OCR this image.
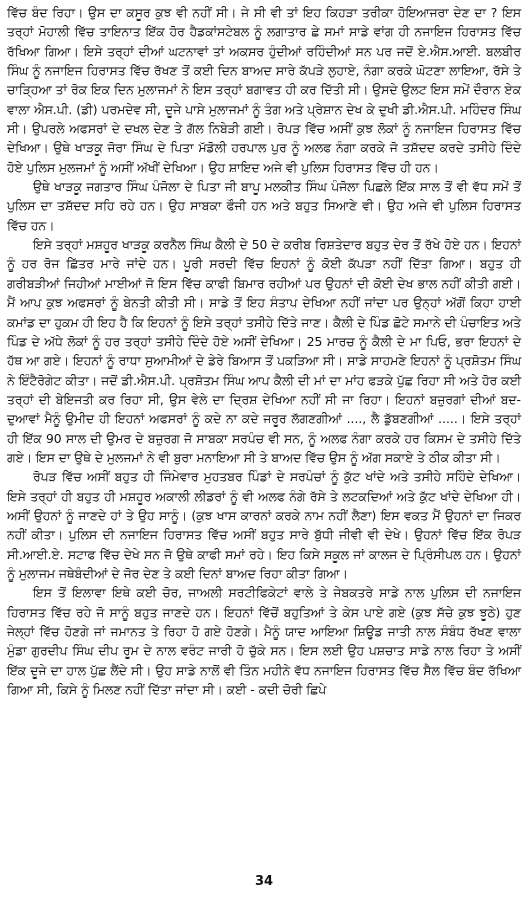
ਵਿੱਚ ਬੰਦ ਰਿਹਾ। ਉਸ ਦਾ ਕਸੂਰ ਕੁਝ ਵੀ ਨਹੀਂ ਸੀ। ਜੇ ਸੀ ਵੀ ਤਾਂ ਇਹ ਕਿਹੜਾ ਤਰੀਕਾ ਹੋਇਆਜਰਾ ਦੇਣ ਦਾ ? ਇਸ ਤਰ੍ਹਾਂ ਮੋਹਾਲੀ ਵਿੱਚ ਤਾਇਨਾਤ ਇੱਕ ਹੋਰ ਹੈਡਕਾਂਸਟੇਬਲ ਨੂੰ ਲਗਾਤਾਰ ਛੇ ਸਮਾਂ ਸਾਡੇ ਵਾਂਗ ਹੀ ਨਜਾਇਜ ਹਿਰਾਸਤ ਵਿੱਚ ਰੱਖਿਆ ਗਿਆ। ਇਸੇ ਤਰ੍ਹਾਂ ਦੀਆਂ ਘਟਨਾਵਾਂ ਤਾਂ ਅਕਸਰ ਹੁੰਦੀਆਂ ਰਹਿੰਦੀਆਂ ਸਨ ਪਰ ਜਦੋਂ ਏ.ਐਸ.ਆਈ. ਬਲਬੀਰ ਸਿੰਘ ਨੂੰ ਨਜਾਇਜ ਹਿਰਾਸਤ ਵਿੱਚ ਰੱਖਣ ਤੋਂ ਕਈ ਦਿਨ ਬਾਅਦ ਸਾਰੇ ਕੱਪੜੇ ਲੁਹਾਏ, ਨੰਗਾ ਕਰਕੇ ਘੋਟਣਾ ਲਾਇਆ, ਰੱਸੇ ਤੇ ਚਾੜ੍ਹਿਆ ਤਾਂ ਰੋਕ ਇਕ ਦਿਨ ਮੁਲਾਜਮਾਂ ਨੇ ਇਸ ਤਰ੍ਹਾਂ ਬਗਾਵਤ ਹੀ ਕਰ ਦਿੱਤੀ ਸੀ। ਉਸਦੇ ਉਲਟ ਇਸ ਸਮੇਂ ਦੌਰਾਨ ਏਕ ਵਾਲਾ ਐਸ.ਪੀ. (ਡੀ) ਪਰਮਦੇਵ ਸੀ, ਦੂਜੇ ਪਾਸੇ ਮੁਲਾਜਮਾਂ ਨੂੰ ਤੰਗ ਅਤੇ ਪ੍ਰੇਸ਼ਾਨ ਦੇਖ ਕੇ ਦੁਖੀ ਡੀ.ਐਸ.ਪੀ. ਮਹਿੰਦਰ ਸਿੰਘ ਸੀ। ਉਪਰਲੇ ਅਫਸਰਾਂ ਦੇ ਦਖਲ ਦੇਣ ਤੇ ਗੱਲ ਨਿਬੇੜੀ ਗਈ। ਰੋਪੜ ਵਿੱਚ ਅਸੀਂ ਕੁਝ ਲੋਕਾਂ ਨੂੰ ਨਜਾਇਜ ਹਿਰਾਸਤ ਵਿੱਚ ਦੇਖਿਆ। ਉਥੇ ਖਾੜਕੂ ਜੋਰਾ ਸਿੰਘ ਦੇ ਪਿਤਾ ਮੱਡੋਲੀ ਹਰਪਾਲ ਪੁਰ ਨੂੰ ਅਲਫ ਨੰਗਾ ਕਰਕੇ ਜੋ ਤਸ਼ੱਦਦ ਕਰਦੇ ਤਸੀਹੇ ਦਿੰਦੇ ਹੋਏ ਪੁਲਿਸ ਮੁਲਜਮਾਂ ਨੂੰ ਅਸੀਂ ਅੱਖੀਂ ਦੇਖਿਆ। ਉਹ ਸ਼ਾਇਦ ਅਜੇ ਵੀ ਪੁਲਿਸ ਹਿਰਾਸਤ ਵਿੱਚ ਹੀ ਹਨ।

ਉਥੇ ਖਾੜਕੂ ਜਗਤਾਰ ਸਿੰਘ ਪੰਜੋਲਾ ਦੇ ਪਿਤਾ ਜੀ ਬਾਪੂ ਮਲਕੀਤ ਸਿੰਘ ਪੰਜੋਲਾ ਪਿਛਲੇ ਇੱਕ ਸਾਲ ਤੋਂ ਵੀ ਵੱਧ ਸਮੇਂ ਤੋਂ ਪੁਲਿਸ ਦਾ ਤਸ਼ੱਦਦ ਸਹਿ ਰਹੇ ਹਨ। ਉਹ ਸਾਬਕਾ ਫੌਜੀ ਹਨ ਅਤੇ ਬਹੁਤ ਸਿਆਣੇ ਵੀ। ਉਹ ਅਜੇ ਵੀ ਪੁਲਿਸ ਹਿਰਾਸਤ ਵਿੱਚ ਹਨ।

ਇਸੇ ਤਰ੍ਹਾਂ ਮਸ਼ਹੂਰ ਖਾੜਕੂ ਕਰਨੈਲ ਸਿੰਘ ਕੈਲੀ ਦੇ 50 ਦੇ ਕਰੀਬ ਰਿਸ਼ਤੇਦਾਰ ਬਹੁਤ ਦੇਰ ਤੋਂ ਰੱਖੇ ਹੋਏ ਹਨ। ਇਹਨਾਂ ਨੂੰ ਹਰ ਰੋਜ ਛਿੱਤਰ ਮਾਰੇ ਜਾਂਦੇ ਹਨ। ਪੂਰੀ ਸਰਦੀ ਵਿੱਚ ਇਹਨਾਂ ਨੂੰ ਕੋਈ ਕੱਪੜਾ ਨਹੀਂ ਦਿੱਤਾ ਗਿਆ। ਬਹੁਤ ਹੀ ਗਰੀਬੜੀਆਂ ਜਿਹੀਆਂ ਮਾਈਆਂ ਜੋ ਇਸ ਵਿੱਚ ਕਾਫੀ ਬਿਮਾਰ ਰਹੀਆਂ ਪਰ ਉਹਨਾਂ ਦੀ ਕੋਈ ਦੇਖ ਭਾਲ ਨਹੀਂ ਕੀਤੀ ਗਈ। ਮੈਂ ਆਪ ਕੁਝ ਅਫਸਰਾਂ ਨੂੰ ਬੇਨਤੀ ਕੀਤੀ ਸੀ। ਸਾਡੇ ਤੋਂ ਇਹ ਸੰਤਾਪ ਦੇਖਿਆ ਨਹੀਂ ਜਾਂਦਾ ਪਰ ਉਨ੍ਹਾਂ ਅੱਗੋਂ ਕਿਹਾ ਹਾਈ ਕਮਾਂਡ ਦਾ ਹੁਕਮ ਹੀ ਇਹ ਹੈ ਕਿ ਇਹਨਾਂ ਨੂੰ ਇਸੇ ਤਰ੍ਹਾਂ ਤਸੀਹੇ ਦਿੱਤੇ ਜਾਣ। ਕੈਲੀ ਦੇ ਪਿੰਡ ਛੋਟੇ ਸਮਾਨੇ ਦੀ ਪੰਚਾਇਤ ਅਤੇ ਪਿੰਡ ਦੇ ਅੱਧੇ ਲੋਕਾਂ ਨੂੰ ਹਰ ਤਰ੍ਹਾਂ ਤਸੀਹੇ ਦਿੰਦੇ ਹੋਏ ਅਸੀਂ ਦੇਖਿਆ। 25 ਮਾਰਚ ਨੂੰ ਕੈਲੀ ਦੇ ਮਾ ਪਿਓ, ਭਰਾ ਇਹਨਾਂ ਦੇ ਹੱਥ ਆ ਗਏ। ਇਹਨਾਂ ਨੂੰ ਰਾਧਾ ਸੁਆਮੀਆਂ ਦੇ ਡੇਰੇ ਬਿਆਸ ਤੋਂ ਪਕੜਿਆ ਸੀ। ਸਾਡੇ ਸਾਹਮਣੇ ਇਹਨਾਂ ਨੂੰ ਪ੍ਰਸ਼ੋਤਮ ਸਿੰਘ ਨੇ ਇੰਟੈਰੋਗੇਟ ਕੀਤਾ। ਜਦੋਂ ਡੀ.ਐਸ.ਪੀ. ਪ੍ਰਸ਼ੋਤਮ ਸਿੰਘ ਆਪ ਕੈਲੀ ਦੀ ਮਾਂ ਦਾ ਮਾਂਹ ਫੜਕੇ ਪੁੱਛ ਰਿਹਾ ਸੀ ਅਤੇ ਹੋਰ ਕਈ ਤਰ੍ਹਾਂ ਦੀ ਬੇਇਜਤੀ ਕਰ ਰਿਹਾ ਸੀ, ਉਸ ਵੇਲੇ ਦਾ ਦ੍ਰਿਸ਼ ਦੇਖਿਆ ਨਹੀਂ ਸੀ ਜਾ ਰਿਹਾ। ਇਹਨਾਂ ਬਜ਼ੁਰਗਾਂ ਦੀਆਂ ਬਦ-ਦੁਆਵਾਂ ਮੈਨੂੰ ਉਮੀਦ ਹੀ ਇਹਨਾਂ ਅਫਸਰਾਂ ਨੂੰ ਕਦੇ ਨਾ ਕਦੇ ਜਰੂਰ ਲੱਗਣਗੀਆਂ ...., ਲੈ ਡੁੱਬਣਗੀਆਂ .....। ਇਸੇ ਤਰ੍ਹਾਂ ਹੀ ਇੱਕ 90 ਸਾਲ ਦੀ ਉਮਰ ਦੇ ਬਜ਼ੁਰਗ ਜੋ ਸਾਬਕਾ ਸਰਪੰਚ ਵੀ ਸਨ, ਨੂੰ ਅਲਫ ਨੰਗਾ ਕਰਕੇ ਹਰ ਕਿਸਮ ਦੇ ਤਸੀਹੇ ਦਿੱਤੇ ਗਏ। ਇਸ ਦਾ ਉਥੇ ਦੇ ਮੁਲਜਮਾਂ ਨੇ ਵੀ ਬੁਰਾ ਮਨਾਇਆ ਸੀ ਤੇ ਬਾਅਦ ਵਿੱਚ ਉਸ ਨੂੰ ਅੱਗ ਸਕਾਏ ਤੇ ਠੀਕ ਕੀਤਾ ਸੀ।

ਰੋਪੜ ਵਿੱਚ ਅਸੀਂ ਬਹੁਤ ਹੀ ਜਿੰਮੇਵਾਰ ਮੁਹਤਬਰ ਪਿੰਡਾਂ ਦੇ ਸਰਪੰਚਾਂ ਨੂੰ ਕੁੱਟ ਖਾਂਦੇ ਅਤੇ ਤਸੀਹੇ ਸਹਿੰਦੇ ਦੇਖਿਆ। ਇਸੇ ਤਰ੍ਹਾਂ ਹੀ ਬਹੁਤ ਹੀ ਮਸ਼ਹੂਰ ਅਕਾਲੀ ਲੀਡਰਾਂ ਨੂੰ ਵੀ ਅਲਫ ਨੰਗੇ ਰੱਸੇ ਤੇ ਲਟਕਦਿਆਂ ਅਤੇ ਕੁੱਟ ਖਾਂਦੇ ਦੇਖਿਆ ਹੀ। ਅਸੀਂ ਉਹਨਾਂ ਨੂੰ ਜਾਣਦੇ ਹਾਂ ਤੇ ਉਹ ਸਾਨੂੰ। (ਕੁਝ ਖਾਸ ਕਾਰਨਾਂ ਕਰਕੇ ਨਾਮ ਨਹੀਂ ਲੈਣਾ) ਇਸ ਵਕਤ ਮੈਂ ਉਹਨਾਂ ਦਾ ਜਿਕਰ ਨਹੀਂ ਕੀਤਾ। ਪੁਲਿਸ ਦੀ ਨਜਾਇਜ ਹਿਰਾਸਤ ਵਿੱਚ ਅਸੀਂ ਬਹੁਤ ਸਾਰੇ ਬੁੱਧੀ ਜੀਵੀ ਵੀ ਦੇਖੇ। ਉਹਨਾਂ ਵਿੱਚ ਇੱਕ ਰੋਪੜ ਸੀ.ਆਈ.ਏ. ਸਟਾਫ ਵਿੱਚ ਦੇਖੇ ਸਨ ਜੋ ਉਥੇ ਕਾਫੀ ਸਮਾਂ ਰਹੇ। ਇਹ ਕਿਸੇ ਸਕੂਲ ਜਾਂ ਕਾਲਜ ਦੇ ਪ੍ਰਿੰਸੀਪਲ ਹਨ। ਉਹਨਾਂ ਨੂੰ ਮੁਲਾਜਮ ਜਥੇਬੰਦੀਆਂ ਦੇ ਜੋਰ ਦੇਣ ਤੇ ਕਈ ਦਿਨਾਂ ਬਾਅਦ ਰਿਹਾ ਕੀਤਾ ਗਿਆ।

ਇਸ ਤੋਂ ਇਲਾਵਾ ਇਥੇ ਕਈ ਚੋਰ, ਜਾਅਲੀ ਸਰਟੀਫਿਕੇਟਾਂ ਵਾਲੇ ਤੇ ਜੇਬਕਤਰੇ ਸਾਡੇ ਨਾਲ ਪੁਲਿਸ ਦੀ ਨਜਾਇਜ ਹਿਰਾਸਤ ਵਿੱਚ ਰਹੇ ਜੋ ਸਾਨੂੰ ਬਹੁਤ ਜਾਣਦੇ ਹਨ। ਇਹਨਾਂ ਵਿੱਚੋਂ ਬਹੁਤਿਆਂ ਤੇ ਕੇਸ ਪਾਏ ਗਏ (ਕੁਝ ਸੱਚੇ ਕੁਝ ਝੂਠੇ) ਹੁਣ ਜੇਲ੍ਹਾਂ ਵਿੱਚ ਹੋਣਗੇ ਜਾਂ ਜਮਾਨਤ ਤੇ ਰਿਹਾ ਹੋ ਗਏ ਹੋਣਗੇ। ਮੈਨੂੰ ਯਾਦ ਆਇਆ ਸ਼ਿਊਡ ਜਾਤੀ ਨਾਲ ਸੰਬੰਧ ਰੱਖਣ ਵਾਲਾ ਮੁੰਡਾ ਗੁਰਦੀਪ ਸਿੰਘ ਦੀਪ ਰੂਮ ਦੇ ਨਾਲ ਵਰੰਟ ਜਾਰੀ ਹੋ ਚੁੱਕੇ ਸਨ। ਇਸ ਲਈ ਉਹ ਪਸ਼ਚਾਤ ਸਾਡੇ ਨਾਲ ਰਿਹਾ ਤੇ ਅਸੀਂ ਇੱਕ ਦੂਜੇ ਦਾ ਹਾਲ ਪੁੱਛ ਲੈਂਦੇ ਸੀ। ਉਹ ਸਾਡੇ ਨਾਲੋਂ ਵੀ ਤਿੰਨ ਮਹੀਨੇ ਵੱਧ ਨਜਾਇਜ ਹਿਰਾਸਤ ਵਿੱਚ ਸੈਲ ਵਿੱਚ ਬੰਦ ਰੱਖਿਆ ਗਿਆ ਸੀ, ਕਿਸੇ ਨੂੰ ਮਿਲਣ ਨਹੀਂ ਦਿੱਤਾ ਜਾਂਦਾ ਸੀ। ਕਈ - ਕਦੀ ਚੋਰੀ ਛਿਪੇ

34
